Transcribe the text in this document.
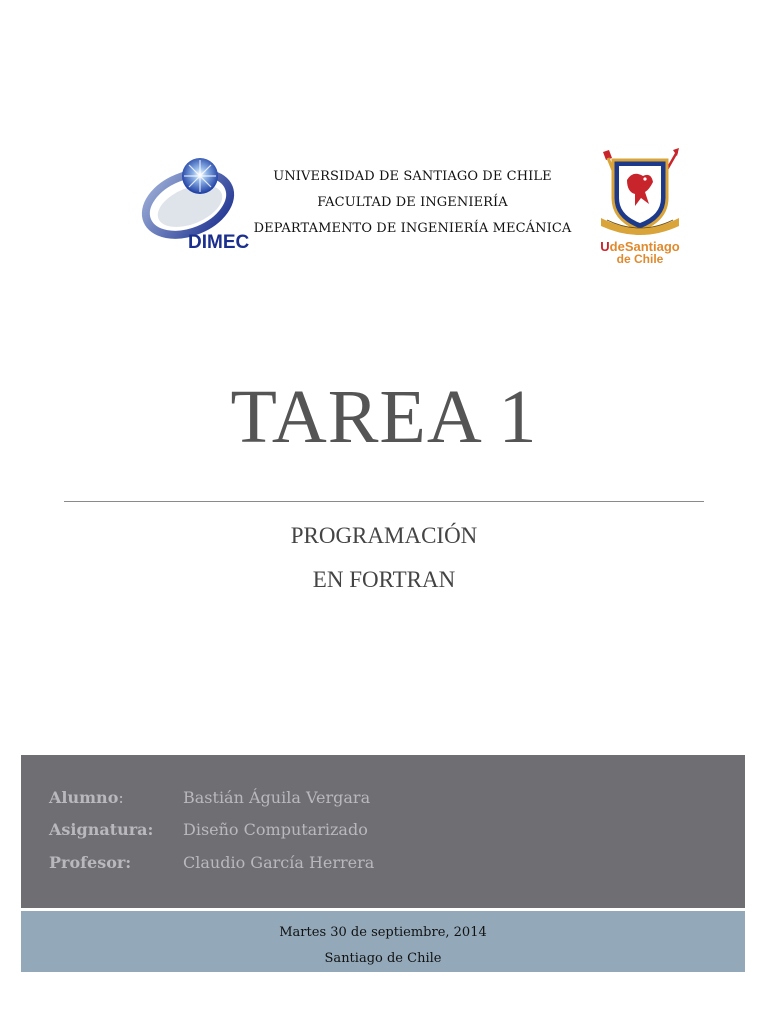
DIMEC
UNIVERSIDAD DE SANTIAGO DE CHILE
FACULTAD DE INGENIERÍA
DEPARTAMENTO DE INGENIERÍA MECÁNICA
UdeSantiago
de Chile
TAREA 1
PROGRAMACIÓN
EN FORTRAN
Alumno:	Bastián Águila Vergara
Asignatura: Diseño Computarizado
Profesor:	Claudio García Herrera
Martes 30 de septiembre, 2014
Santiago de Chile
